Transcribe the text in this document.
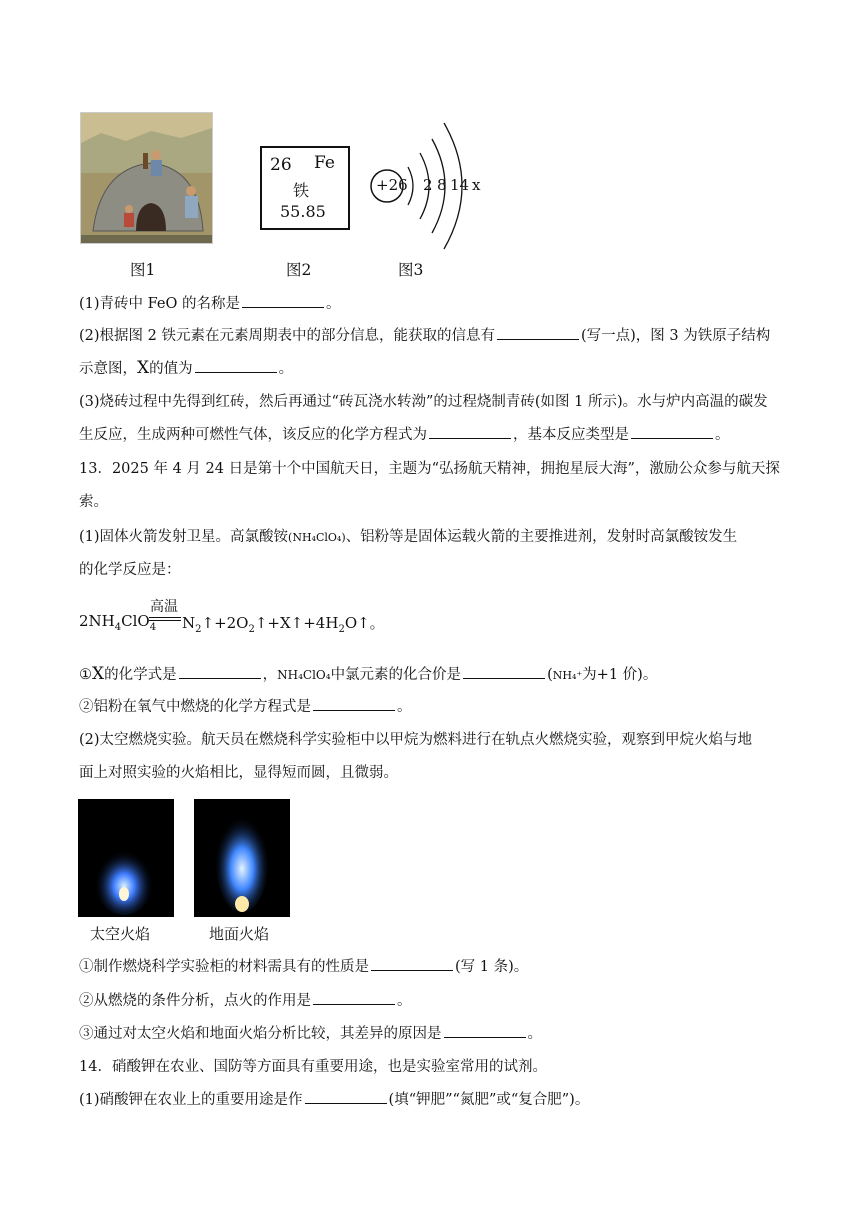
26 Fe
铁
55.85
+26 2 8 14 x
图1	图2	图3
(1)青砖中 FeO 的名称是	。
(2)根据图 2 铁元素在元素周期表中的部分信息，能获取的信息有	(写一点)，图 3 为铁原子结构
示意图，X的值为	。
(3)烧砖过程中先得到红砖，然后再通过“砖瓦浇水转泑”的过程烧制青砖(如图 1 所示)。水与炉内高温的碳发
生反应，生成两种可燃性气体，该反应的化学方程式为	，基本反应类型是	。
13．2025 年 4 月 24 日是第十个中国航天日，主题为“弘扬航天精神，拥抱星辰大海”，激励公众参与航天探
索。
(1)固体火箭发射卫星。高氯酸铵(NH₄ClO₄)、铝粉等是固体运载火箭的主要推进剂，发射时高氯酸铵发生
的化学反应是：
$2NH_4ClO_4$
高温
$N_2↑+2O_2↑+X↑+4H_2O↑$。
①X的化学式是	，NH₄ClO₄中氯元素的化合价是	(NH₄⁺为+1 价)。
②铝粉在氧气中燃烧的化学方程式是	。
(2)太空燃烧实验。航天员在燃烧科学实验柜中以甲烷为燃料进行在轨点火燃烧实验，观察到甲烷火焰与地
面上对照实验的火焰相比，显得短而圆，且微弱。
太空火焰	地面火焰
①制作燃烧科学实验柜的材料需具有的性质是	(写 1 条)。
②从燃烧的条件分析，点火的作用是	。
③通过对太空火焰和地面火焰分析比较，其差异的原因是	。
14．硝酸钾在农业、国防等方面具有重要用途，也是实验室常用的试剂。
(1)硝酸钾在农业上的重要用途是作	(填“钾肥”“氮肥”或“复合肥”)。
